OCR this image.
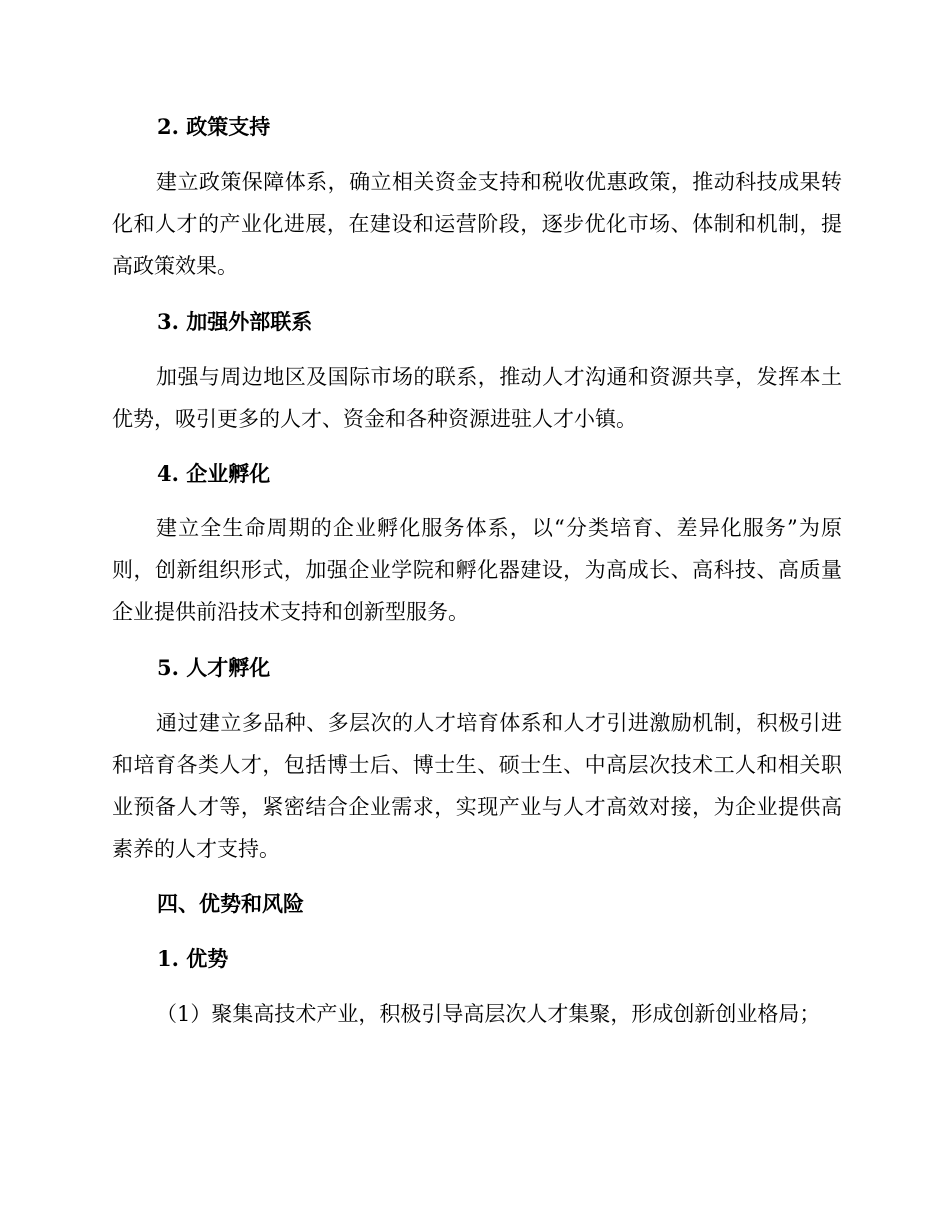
2. 政策支持

建立政策保障体系，确立相关资金支持和税收优惠政策，推动科技成果转化和人才的产业化进展，在建设和运营阶段，逐步优化市场、体制和机制，提高政策效果。

3. 加强外部联系

加强与周边地区及国际市场的联系，推动人才沟通和资源共享，发挥本土优势，吸引更多的人才、资金和各种资源进驻人才小镇。

4. 企业孵化

建立全生命周期的企业孵化服务体系，以“分类培育、差异化服务”为原则，创新组织形式，加强企业学院和孵化器建设，为高成长、高科技、高质量企业提供前沿技术支持和创新型服务。

5. 人才孵化

通过建立多品种、多层次的人才培育体系和人才引进激励机制，积极引进和培育各类人才，包括博士后、博士生、硕士生、中高层次技术工人和相关职业预备人才等，紧密结合企业需求，实现产业与人才高效对接，为企业提供高素养的人才支持。

四、优势和风险
1. 优势

（1）聚集高技术产业，积极引导高层次人才集聚，形成创新创业格局；
